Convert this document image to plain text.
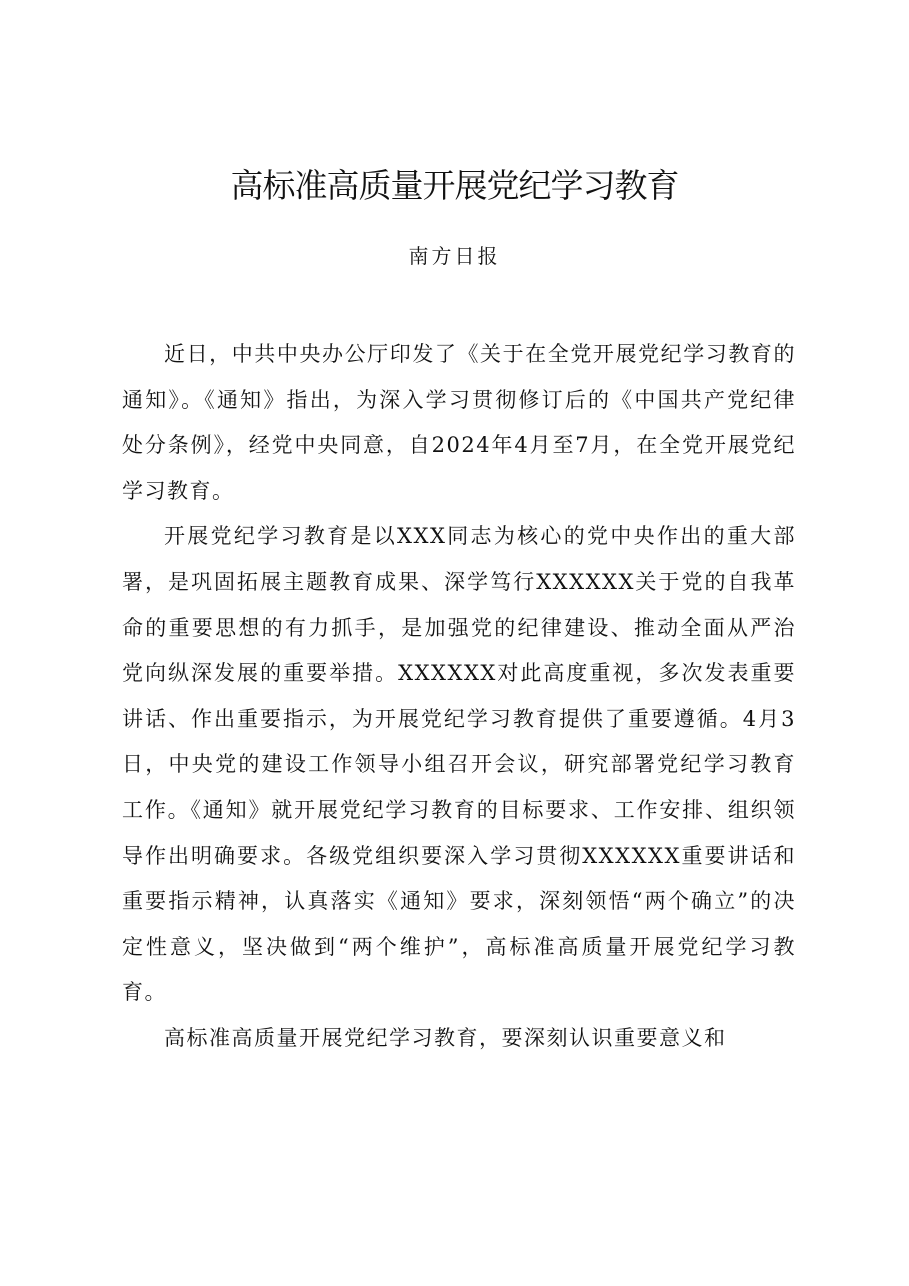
高标准高质量开展党纪学习教育
南方日报

近日，中共中央办公厅印发了《关于在全党开展党纪学习教育的通知》。《通知》指出，为深入学习贯彻修订后的《中国共产党纪律处分条例》，经党中央同意，自2024年4月至7月，在全党开展党纪学习教育。

开展党纪学习教育是以XXX同志为核心的党中央作出的重大部署，是巩固拓展主题教育成果、深学笃行XXXXXX关于党的自我革命的重要思想的有力抓手，是加强党的纪律建设、推动全面从严治党向纵深发展的重要举措。XXXXXX对此高度重视，多次发表重要讲话、作出重要指示，为开展党纪学习教育提供了重要遵循。4月3日，中央党的建设工作领导小组召开会议，研究部署党纪学习教育工作。《通知》就开展党纪学习教育的目标要求、工作安排、组织领导作出明确要求。各级党组织要深入学习贯彻XXXXXX重要讲话和重要指示精神，认真落实《通知》要求，深刻领悟“两个确立”的决定性意义，坚决做到“两个维护”，高标准高质量开展党纪学习教育。

高标准高质量开展党纪学习教育，要深刻认识重要意义和
